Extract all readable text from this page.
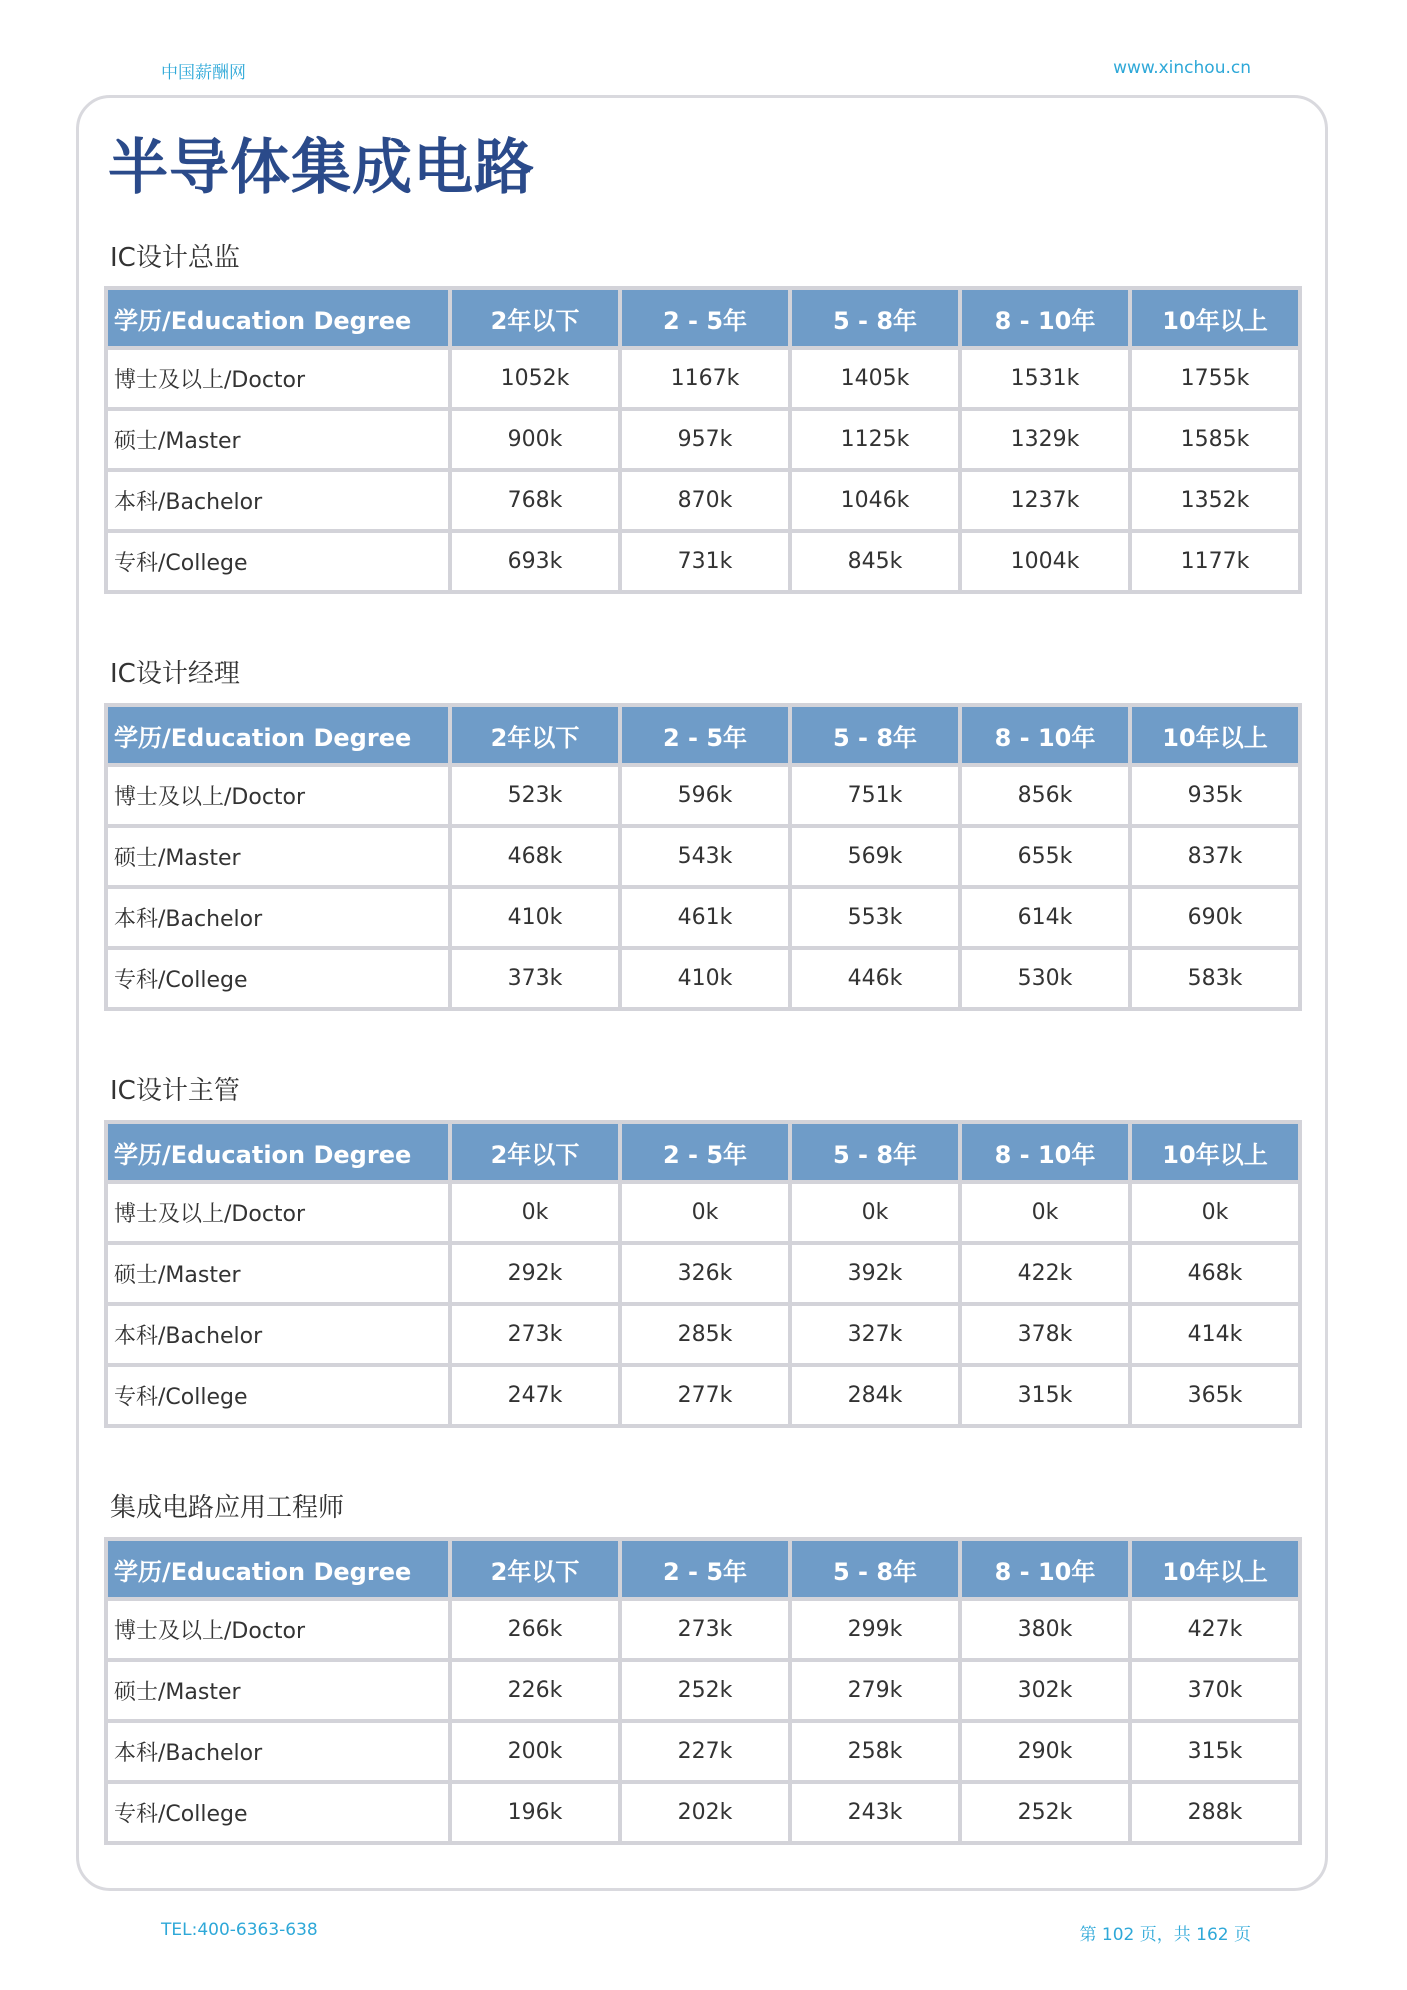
中国薪酬网	www.xinchou.cn
半导体集成电路
IC设计总监
学历/Education Degree	2年以下	2 - 5年	5 - 8年	8 - 10年	10年以上
博士及以上/Doctor	1052k	1167k	1405k	1531k	1755k
硕士/Master	900k	957k	1125k	1329k	1585k
本科/Bachelor	768k	870k	1046k	1237k	1352k
专科/College	693k	731k	845k	1004k	1177k
IC设计经理
学历/Education Degree	2年以下	2 - 5年	5 - 8年	8 - 10年	10年以上
博士及以上/Doctor	523k	596k	751k	856k	935k
硕士/Master	468k	543k	569k	655k	837k
本科/Bachelor	410k	461k	553k	614k	690k
专科/College	373k	410k	446k	530k	583k
IC设计主管
学历/Education Degree	2年以下	2 - 5年	5 - 8年	8 - 10年	10年以上
博士及以上/Doctor	0k	0k	0k	0k	0k
硕士/Master	292k	326k	392k	422k	468k
本科/Bachelor	273k	285k	327k	378k	414k
专科/College	247k	277k	284k	315k	365k
集成电路应用工程师
学历/Education Degree	2年以下	2 - 5年	5 - 8年	8 - 10年	10年以上
博士及以上/Doctor	266k	273k	299k	380k	427k
硕士/Master	226k	252k	279k	302k	370k
本科/Bachelor	200k	227k	258k	290k	315k
专科/College	196k	202k	243k	252k	288k
TEL:400-6363-638	第 102 页，共 162 页
